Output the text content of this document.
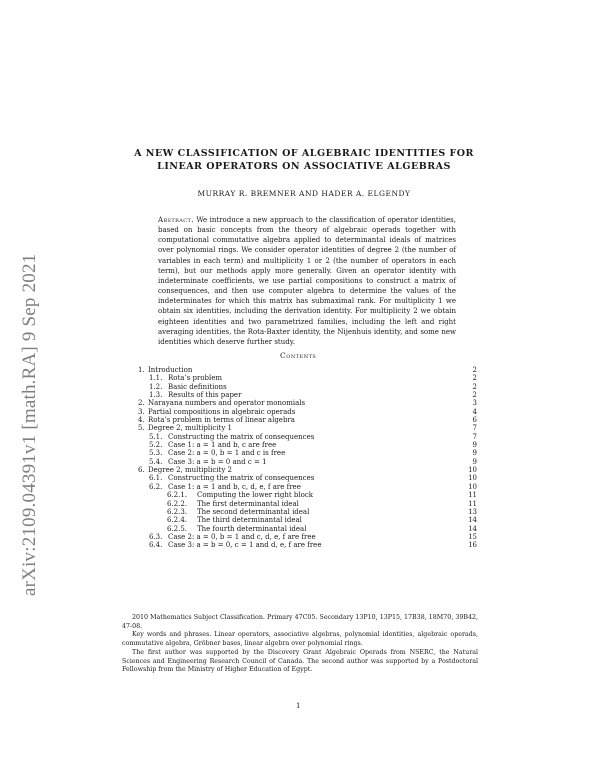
arXiv:2109.04391v1 [math.RA] 9 Sep 2021
A NEW CLASSIFICATION OF ALGEBRAIC IDENTITIES FOR
LINEAR OPERATORS ON ASSOCIATIVE ALGEBRAS
MURRAY R. BREMNER AND HADER A. ELGENDY
Abstract. We introduce a new approach to the classification of operator identities, based on basic concepts from the theory of algebraic operads together with computational commutative algebra applied to determinantal ideals of matrices over polynomial rings. We consider operator identities of degree 2 (the number of variables in each term) and multiplicity 1 or 2 (the number of operators in each term), but our methods apply more generally. Given an operator identity with indeterminate coefficients, we use partial compositions to construct a matrix of consequences, and then use computer algebra to determine the values of the indeterminates for which this matrix has submaximal rank. For multiplicity 1 we obtain six identities, including the derivation identity. For multiplicity 2 we obtain eighteen identities and two parametrized families, including the left and right averaging identities, the Rota-Baxter identity, the Nijenhuis identity, and some new identities which deserve further study.
Contents
1. Introduction	2
1.1. Rota’s problem	2
1.2. Basic definitions	2
1.3. Results of this paper	2
2. Narayana numbers and operator monomials	3
3. Partial compositions in algebraic operads	4
4. Rota’s problem in terms of linear algebra	6
5. Degree 2, multiplicity 1	7
5.1. Constructing the matrix of consequences	7
5.2. Case 1: a = 1 and b, c are free	9
5.3. Case 2: a = 0, b = 1 and c is free	9
5.4. Case 3: a = b = 0 and c = 1	9
6. Degree 2, multiplicity 2	10
6.1. Constructing the matrix of consequences	10
6.2. Case 1: a = 1 and b, c, d, e, f are free	10
6.2.1.	Computing the lower right block	11
6.2.2.	The first determinantal ideal	11
6.2.3.	The second determinantal ideal	13
6.2.4.	The third determinantal ideal	14
6.2.5.	The fourth determinantal ideal	14
6.3. Case 2: a = 0, b = 1 and c, d, e, f are free	15
6.4. Case 3: a = b = 0, c = 1 and d, e, f are free	16

2010 Mathematics Subject Classification. Primary 47C05. Secondary 13P10, 13P15, 17B38, 18M70, 39B42, 47-08.

Key words and phrases. Linear operators, associative algebras, polynomial identities, algebraic operads, commutative algebra, Gröbner bases, linear algebra over polynomial rings.

The first author was supported by the Discovery Grant Algebraic Operads from NSERC, the Natural Sciences and Engineering Research Council of Canada. The second author was supported by a Postdoctoral Fellowship from the Ministry of Higher Education of Egypt.

1
